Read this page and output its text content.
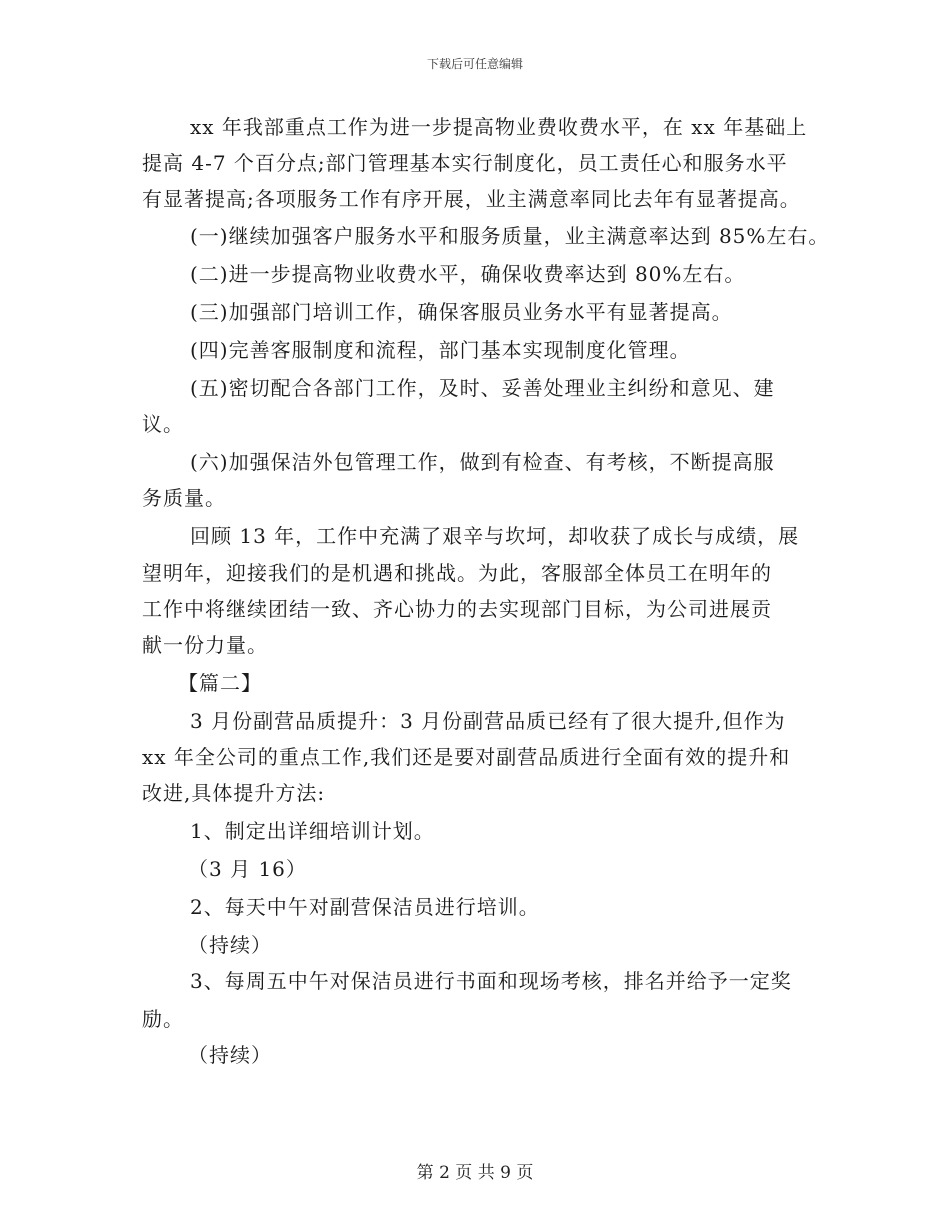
下载后可任意编辑
xx 年我部重点工作为进一步提高物业费收费水平，在 xx 年基础上
提高 4-7 个百分点;部门管理基本实行制度化，员工责任心和服务水平
有显著提高;各项服务工作有序开展，业主满意率同比去年有显著提高。
(一)继续加强客户服务水平和服务质量，业主满意率达到 85%左右。
(二)进一步提高物业收费水平，确保收费率达到 80%左右。
(三)加强部门培训工作，确保客服员业务水平有显著提高。
(四)完善客服制度和流程，部门基本实现制度化管理。
(五)密切配合各部门工作，及时、妥善处理业主纠纷和意见、建
议。
(六)加强保洁外包管理工作，做到有检查、有考核，不断提高服
务质量。
回顾 13 年，工作中充满了艰辛与坎坷，却收获了成长与成绩，展
望明年，迎接我们的是机遇和挑战。为此，客服部全体员工在明年的
工作中将继续团结一致、齐心协力的去实现部门目标，为公司进展贡
献一份力量。
【篇二】
3 月份副营品质提升：3 月份副营品质已经有了很大提升,但作为
xx 年全公司的重点工作,我们还是要对副营品质进行全面有效的提升和
改进,具体提升方法:
1、制定出详细培训计划。
（3 月 16）
2、每天中午对副营保洁员进行培训。
（持续）
3、每周五中午对保洁员进行书面和现场考核，排名并给予一定奖
励。
（持续）
第 2 页 共 9 页
